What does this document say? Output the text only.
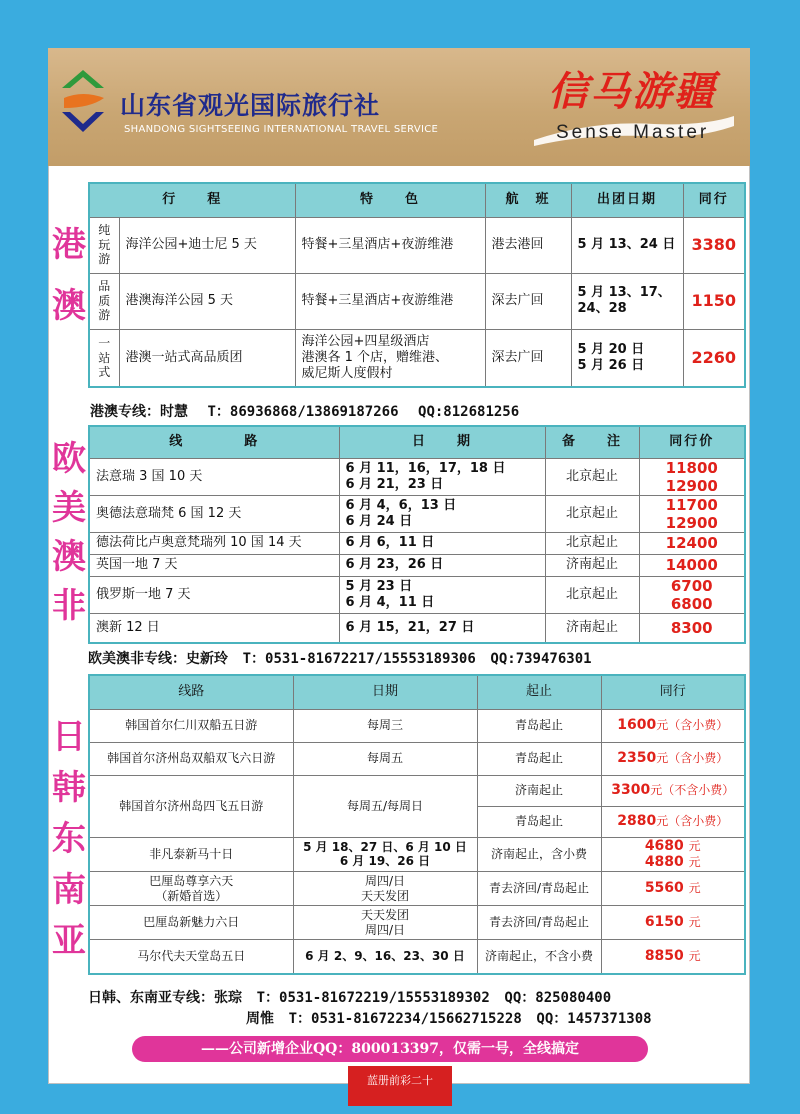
山东省观光国际旅行社
SHANDONG SIGHTSEEING INTERNATIONAL TRAVEL SERVICE
信马游疆
Sense Master
港
澳
欧
美
澳
非
日
韩
东
南
亚
行　　程		特　　色	航　班	出团日期	同行

纯
玩
游	海洋公园+迪士尼 5 天	特餐+三星酒店+夜游维港	港去港回	5 月 13、24 日	3380

品
质
游	港澳海洋公园 5 天	特餐+三星酒店+夜游维港	深去广回	5 月 13、17、
24、28	1150

一
站
式	港澳一站式高品质团	海洋公园+四星级酒店
港澳各 1 个店，赠维港、
威尼斯人度假村	深去广回	5 月 20 日
5 月 26 日	2260
港澳专线：时慧 T：86936868/13869187266 QQ:812681256
线　　　　路	日　　期	备　　注	同行价
法意瑞 3 国 10 天	6 月 11，16，17，18 日
6 月 21，23 日	北京起止	11800
12900

奥德法意瑞梵 6 国 12 天	6 月 4，6，13 日
6 月 24 日	北京起止	11700
12900

德法荷比卢奥意梵瑞列 10 国 14 天	6 月 6，11 日	北京起止	12400
英国一地 7 天	6 月 23，26 日	济南起止	14000
俄罗斯一地 7 天	5 月 23 日
6 月 4，11 日	北京起止	6700
6800

澳新 12 日	6 月 15，21，27 日	济南起止	8300
欧美澳非专线：史新玲 T：0531-81672217/15553189306 QQ:739476301
线路	日期	起止	同行
韩国首尔仁川双船五日游	每周三	青岛起止	1600元（含小费）
韩国首尔济州岛双船双飞六日游	每周五	青岛起止	2350元（含小费）
韩国首尔济州岛四飞五日游	每周五/每周日	济南起止	3300元（不含小费）
		青岛起止	2880元（含小费）
非凡泰新马十日	5 月 18、27 日、6 月 10 日
6 月 19、26 日	济南起止，含小费	4680 元
4880 元

巴厘岛尊享六天
（新婚首选）	周四/日
天天发团	青去济回/青岛起止	5560 元
巴厘岛新魅力六日	天天发团
周四/日	青去济回/青岛起止	6150 元
马尔代夫天堂岛五日	6 月 2、9、16、23、30 日	济南起止，不含小费	8850 元
日韩、东南亚专线：张琮 T：0531-81672219/15553189302 QQ：825080400
周惟 T：0531-81672234/15662715228 QQ：1457371308
——公司新增企业QQ：800013397，仅需一号，全线搞定
蓝册前彩二十
